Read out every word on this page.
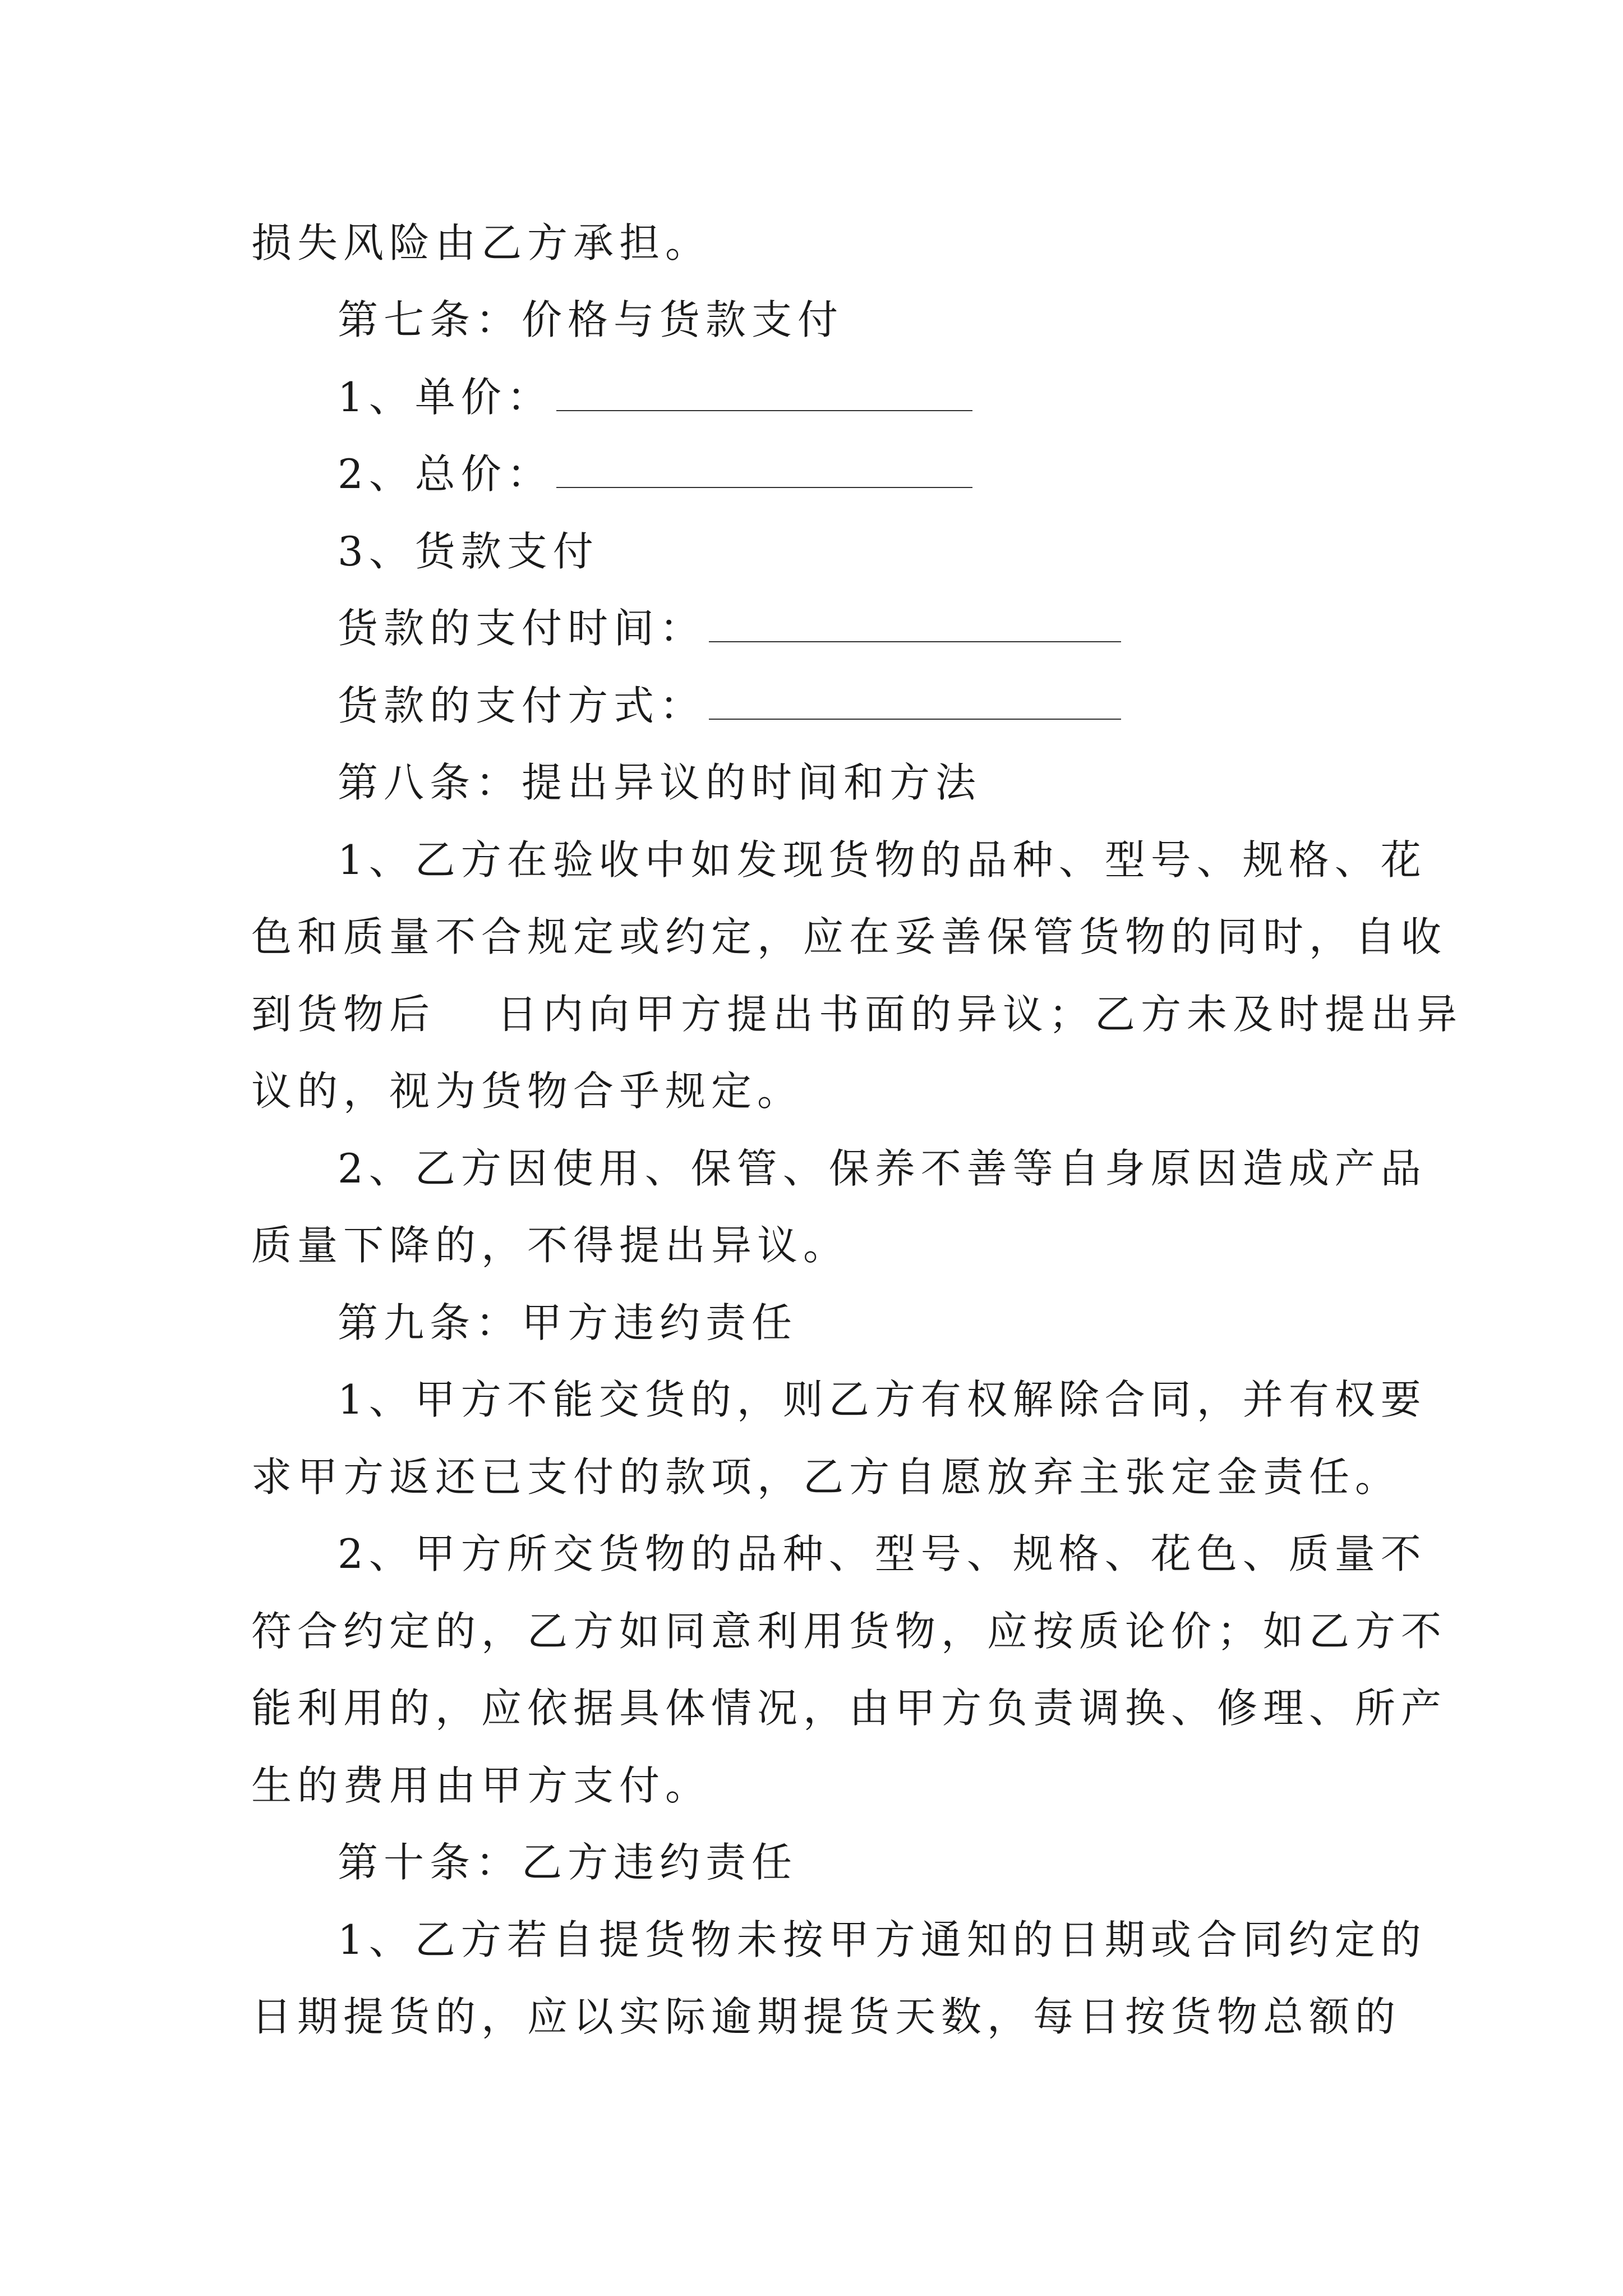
损失风险由乙方承担。
第七条：价格与货款支付
1、单价：
2、总价：
3、货款支付
货款的支付时间：
货款的支付方式：
第八条：提出异议的时间和方法
1、乙方在验收中如发现货物的品种、型号、规格、花
色和质量不合规定或约定，应在妥善保管货物的同时，自收
到货物后 日内向甲方提出书面的异议；乙方未及时提出异
议的，视为货物合乎规定。
2、乙方因使用、保管、保养不善等自身原因造成产品
质量下降的，不得提出异议。
第九条：甲方违约责任
1、甲方不能交货的，则乙方有权解除合同，并有权要
求甲方返还已支付的款项，乙方自愿放弃主张定金责任。
2、甲方所交货物的品种、型号、规格、花色、质量不
符合约定的，乙方如同意利用货物，应按质论价；如乙方不
能利用的，应依据具体情况，由甲方负责调换、修理、所产
生的费用由甲方支付。
第十条：乙方违约责任
1、乙方若自提货物未按甲方通知的日期或合同约定的
日期提货的，应以实际逾期提货天数，每日按货物总额的
